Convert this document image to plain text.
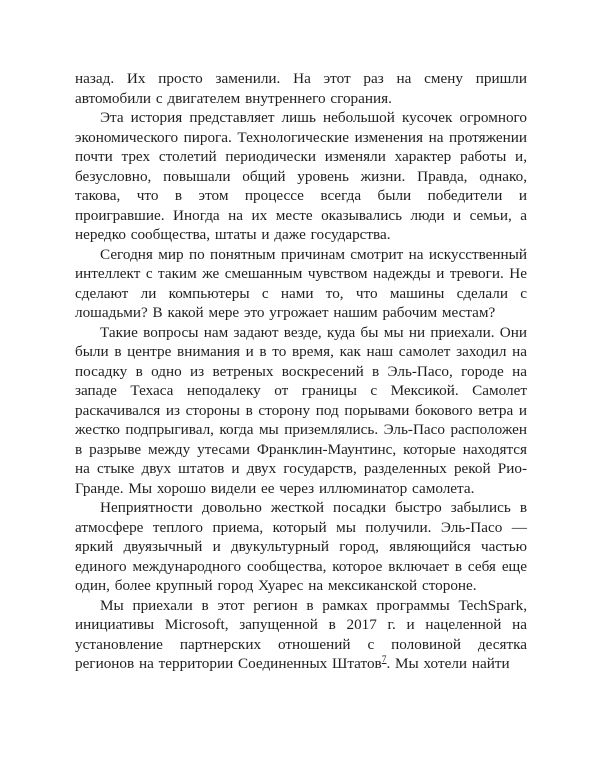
назад. Их просто заменили. На этот раз на смену пришли автомобили с двигателем внутреннего сгорания.

Эта история представляет лишь небольшой кусочек огромного экономического пирога. Технологические изменения на протяжении почти трех столетий периодически изменяли характер работы и, безусловно, повышали общий уровень жизни. Правда, однако, такова, что в этом процессе всегда были победители и проигравшие. Иногда на их месте оказывались люди и семьи, а нередко сообщества, штаты и даже государства.

Сегодня мир по понятным причинам смотрит на искусственный интеллект с таким же смешанным чувством надежды и тревоги. Не сделают ли компьютеры с нами то, что машины сделали с лошадьми? В какой мере это угрожает нашим рабочим местам?

Такие вопросы нам задают везде, куда бы мы ни приехали. Они были в центре внимания и в то время, как наш самолет заходил на посадку в одно из ветреных воскресений в Эль-Пасо, городе на западе Техаса неподалеку от границы с Мексикой. Самолет раскачивался из стороны в сторону под порывами бокового ветра и жестко подпрыгивал, когда мы приземлялись. Эль-Пасо расположен в разрыве между утесами Франклин-Маунтинс, которые находятся на стыке двух штатов и двух государств, разделенных рекой Рио-Гранде. Мы хорошо видели ее через иллюминатор самолета.

Неприятности довольно жесткой посадки быстро забылись в атмосфере теплого приема, который мы получили. Эль-Пасо — яркий двуязычный и двукультурный город, являющийся частью единого международного сообщества, которое включает в себя еще один, более крупный город Хуарес на мексиканской стороне.

Мы приехали в этот регион в рамках программы TechSpark, инициативы Microsoft, запущенной в 2017 г. и нацеленной на установление партнерских отношений с половиной десятка регионов на территории Соединенных Штатов$^7$. Мы хотели найти
